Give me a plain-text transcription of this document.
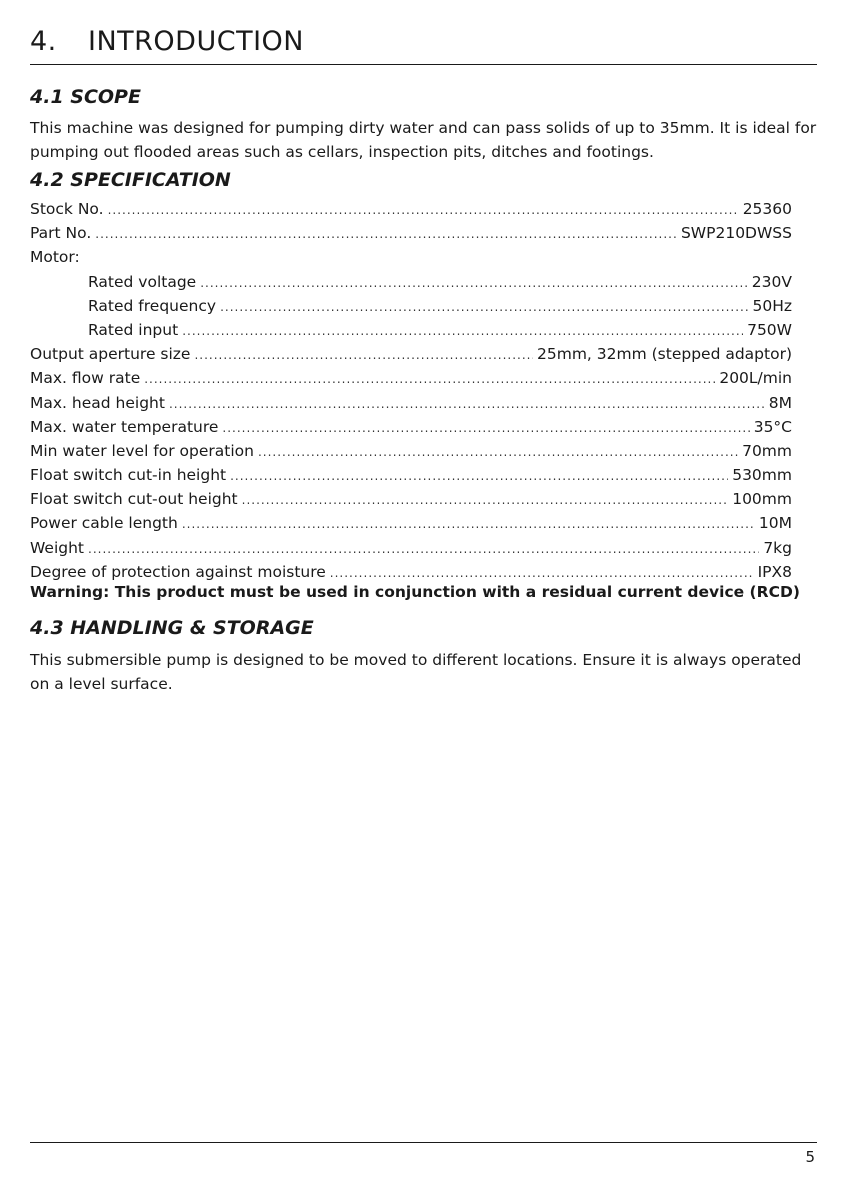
4. INTRODUCTION
4.1 SCOPE

This machine was designed for pumping dirty water and can pass solids of up to 35mm. It is ideal for pumping out flooded areas such as cellars, inspection pits, ditches and footings.

4.2 SPECIFICATION
Stock No. .....	25360
Part No. .....	SWP210DWSS
Motor:
Rated voltage .....	230V
Rated frequency .....	50Hz
Rated input .....	750W
Output aperture size .....	25mm, 32mm (stepped adaptor)
Max. flow rate .....	200L/min
Max. head height .....	8M
Max. water temperature .....	35°C
Min water level for operation .....	70mm
Float switch cut-in height .....	530mm
Float switch cut-out height .....	100mm
Power cable length .....	10M
Weight .....	7kg
Degree of protection against moisture .....	IPX8

Warning: This product must be used in conjunction with a residual current device (RCD)

4.3 HANDLING & STORAGE

This submersible pump is designed to be moved to different locations. Ensure it is always operated on a level surface.

5
